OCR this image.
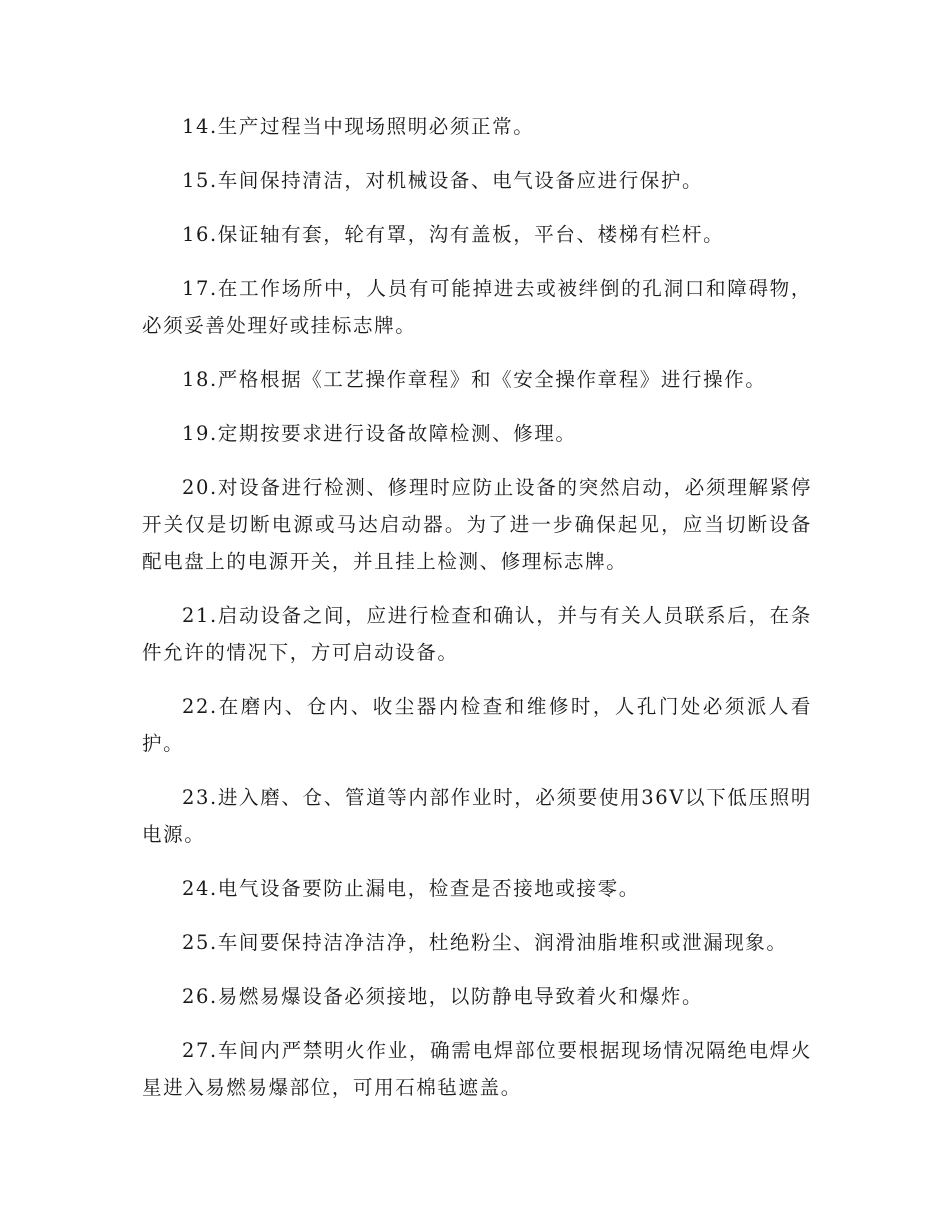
14.生产过程当中现场照明必须正常。

15.车间保持清洁，对机械设备、电气设备应进行保护。

16.保证轴有套，轮有罩，沟有盖板，平台、楼梯有栏杆。

17.在工作场所中，人员有可能掉进去或被绊倒的孔洞口和障碍物，必须妥善处理好或挂标志牌。

18.严格根据《工艺操作章程》和《安全操作章程》进行操作。

19.定期按要求进行设备故障检测、修理。

20.对设备进行检测、修理时应防止设备的突然启动，必须理解紧停开关仅是切断电源或马达启动器。为了进一步确保起见，应当切断设备配电盘上的电源开关，并且挂上检测、修理标志牌。

21.启动设备之间，应进行检查和确认，并与有关人员联系后，在条件允许的情况下，方可启动设备。

22.在磨内、仓内、收尘器内检查和维修时，人孔门处必须派人看护。

23.进入磨、仓、管道等内部作业时，必须要使用36V以下低压照明电源。

24.电气设备要防止漏电，检查是否接地或接零。

25.车间要保持洁净洁净，杜绝粉尘、润滑油脂堆积或泄漏现象。

26.易燃易爆设备必须接地，以防静电导致着火和爆炸。

27.车间内严禁明火作业，确需电焊部位要根据现场情况隔绝电焊火星进入易燃易爆部位，可用石棉毡遮盖。
